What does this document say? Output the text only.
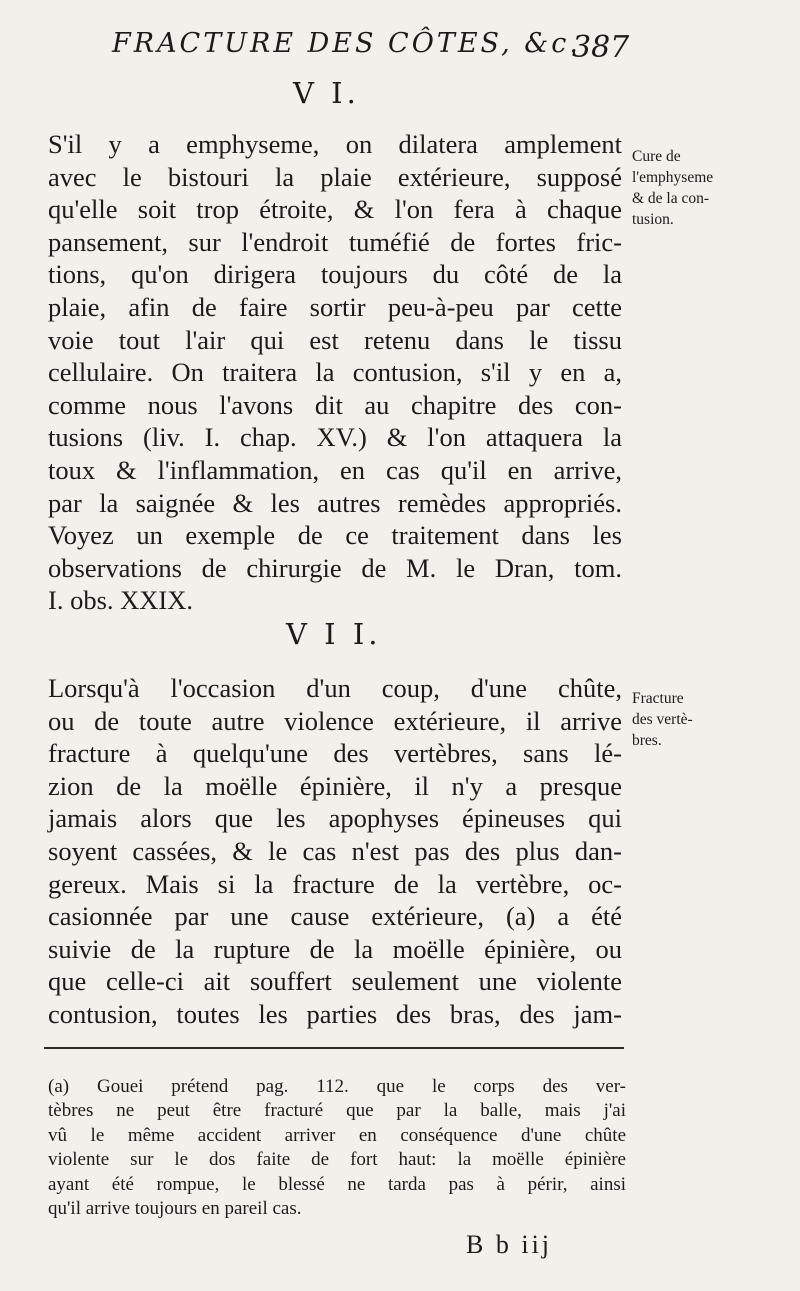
FRACTURE DES CÔTES, &c.
387
V I.
S'il y a emphyseme, on dilatera amplement
avec le bistouri la plaie extérieure, supposé
qu'elle soit trop étroite, & l'on fera à chaque
pansement, sur l'endroit tuméfié de fortes fric-
tions, qu'on dirigera toujours du côté de la
plaie, afin de faire sortir peu-à-peu par cette
voie tout l'air qui est retenu dans le tissu
cellulaire. On traitera la contusion, s'il y en a,
comme nous l'avons dit au chapitre des con-
tusions (liv. I. chap. XV.) & l'on attaquera la
toux & l'inflammation, en cas qu'il en arrive,
par la saignée & les autres remèdes appropriés.
Voyez un exemple de ce traitement dans les
observations de chirurgie de M. le Dran, tom.
I. obs. XXIX.
Cure de
l'emphyseme
& de la con-
tusion.
V I I.
Lorsqu'à l'occasion d'un coup, d'une chûte,
ou de toute autre violence extérieure, il arrive
fracture à quelqu'une des vertèbres, sans lé-
zion de la moëlle épinière, il n'y a presque
jamais alors que les apophyses épineuses qui
soyent cassées, & le cas n'est pas des plus dan-
gereux. Mais si la fracture de la vertèbre, oc-
casionnée par une cause extérieure, (a) a été
suivie de la rupture de la moëlle épinière, ou
que celle-ci ait souffert seulement une violente
contusion, toutes les parties des bras, des jam-
Fracture
des vertè-
bres.
(a) Gouei prétend pag. 112. que le corps des ver-
tèbres ne peut être fracturé que par la balle, mais j'ai
vû le même accident arriver en conséquence d'une chûte
violente sur le dos faite de fort haut: la moëlle épinière
ayant été rompue, le blessé ne tarda pas à périr, ainsi
qu'il arrive toujours en pareil cas.
B b iij
